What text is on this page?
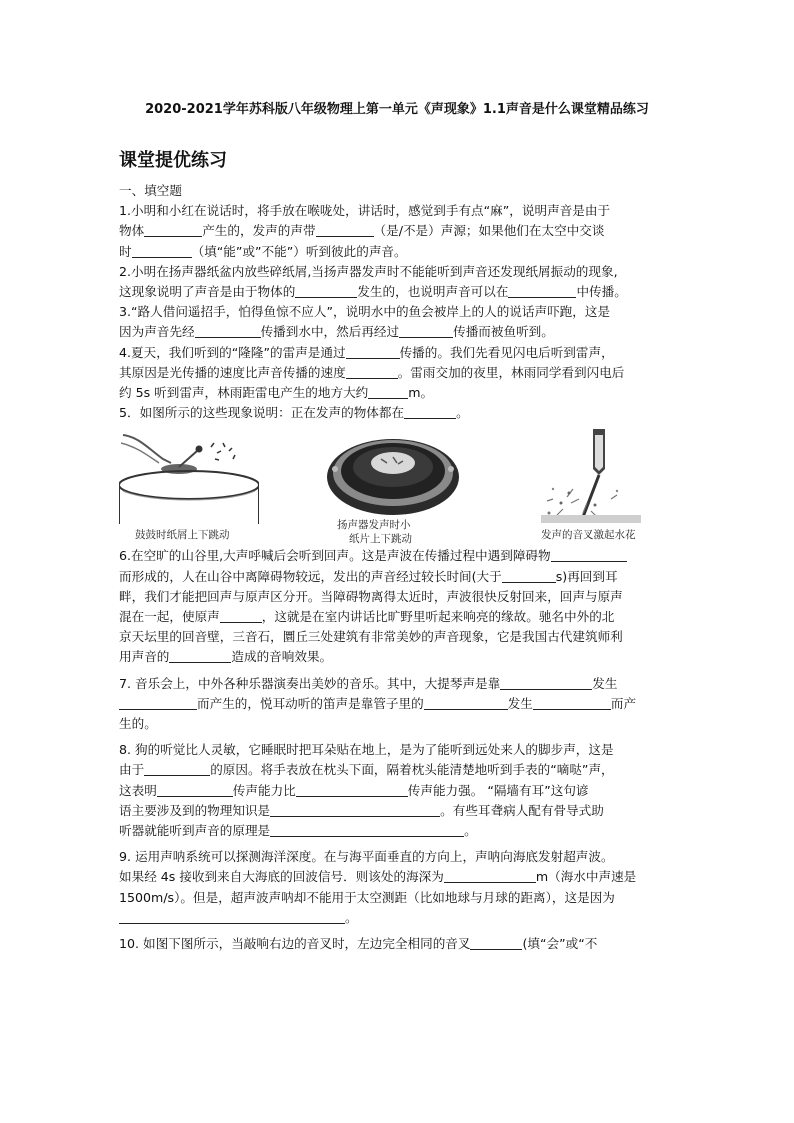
2020-2021学年苏科版八年级物理上第一单元《声现象》1.1声音是什么课堂精品练习
课堂提优练习

一、填空题

1.小明和小红在说话时，将手放在喉咙处，讲话时，感觉到手有点“麻”，说明声音是由于

物体	产生的，发声的声带	（是/不是）声源；如果他们在太空中交谈

时	（填“能”或”不能”）听到彼此的声音。

2.小明在扬声器纸盆内放些碎纸屑,当扬声器发声时不能能听到声音还发现纸屑振动的现象,

这现象说明了声音是由于物体的	发生的，也说明声音可以在	中传播。

3.“路人借问遥招手，怕得鱼惊不应人”，说明水中的鱼会被岸上的人的说话声吓跑，这是

因为声音先经	传播到水中，然后再经过	传播而被鱼听到。

4.夏天，我们听到的“隆隆”的雷声是通过	传播的。我们先看见闪电后听到雷声，

其原因是光传播的速度比声音传播的速度	。雷雨交加的夜里，林雨同学看到闪电后

约 5s 听到雷声，林雨距雷电产生的地方大约	m。

5．如图所示的这些现象说明：正在发声的物体都在	。

鼓鼓时纸屑上下跳动
扬声器发声时小
纸片上下跳动	发声的音叉激起水花

6.在空旷的山谷里,大声呼喊后会听到回声。这是声波在传播过程中遇到障碍物

而形成的，人在山谷中离障碍物较远，发出的声音经过较长时间(大于	s)再回到耳

畔，我们才能把回声与原声区分开。当障碍物离得太近时，声波很快反射回来，回声与原声

混在一起，使原声	，这就是在室内讲话比旷野里听起来响亮的缘故。驰名中外的北

京天坛里的回音壁，三音石，圜丘三处建筑有非常美妙的声音现象，它是我国古代建筑师利

用声音的	造成的音响效果。

7. 音乐会上，中外各种乐器演奏出美妙的音乐。其中，大提琴声是靠	发生

而产生的，悦耳动听的笛声是靠管子里的	发生	而产

生的。

8. 狗的听觉比人灵敏，它睡眠时把耳朵贴在地上，是为了能听到远处来人的脚步声，这是

由于	的原因。将手表放在枕头下面，隔着枕头能清楚地听到手表的“嘀哒”声，

这表明	传声能力比	传声能力强。 “隔墙有耳”这句谚

语主要涉及到的物理知识是	。有些耳聋病人配有骨导式助

听器就能听到声音的原理是	。

9. 运用声呐系统可以探测海洋深度。在与海平面垂直的方向上，声呐向海底发射超声波。

如果经 4s 接收到来自大海底的回波信号．则该处的海深为	m（海水中声速是

1500m/s）。但是，超声波声呐却不能用于太空测距（比如地球与月球的距离），这是因为

。

10. 如图下图所示，当敲响右边的音叉时，左边完全相同的音叉	(填“会”或“不
